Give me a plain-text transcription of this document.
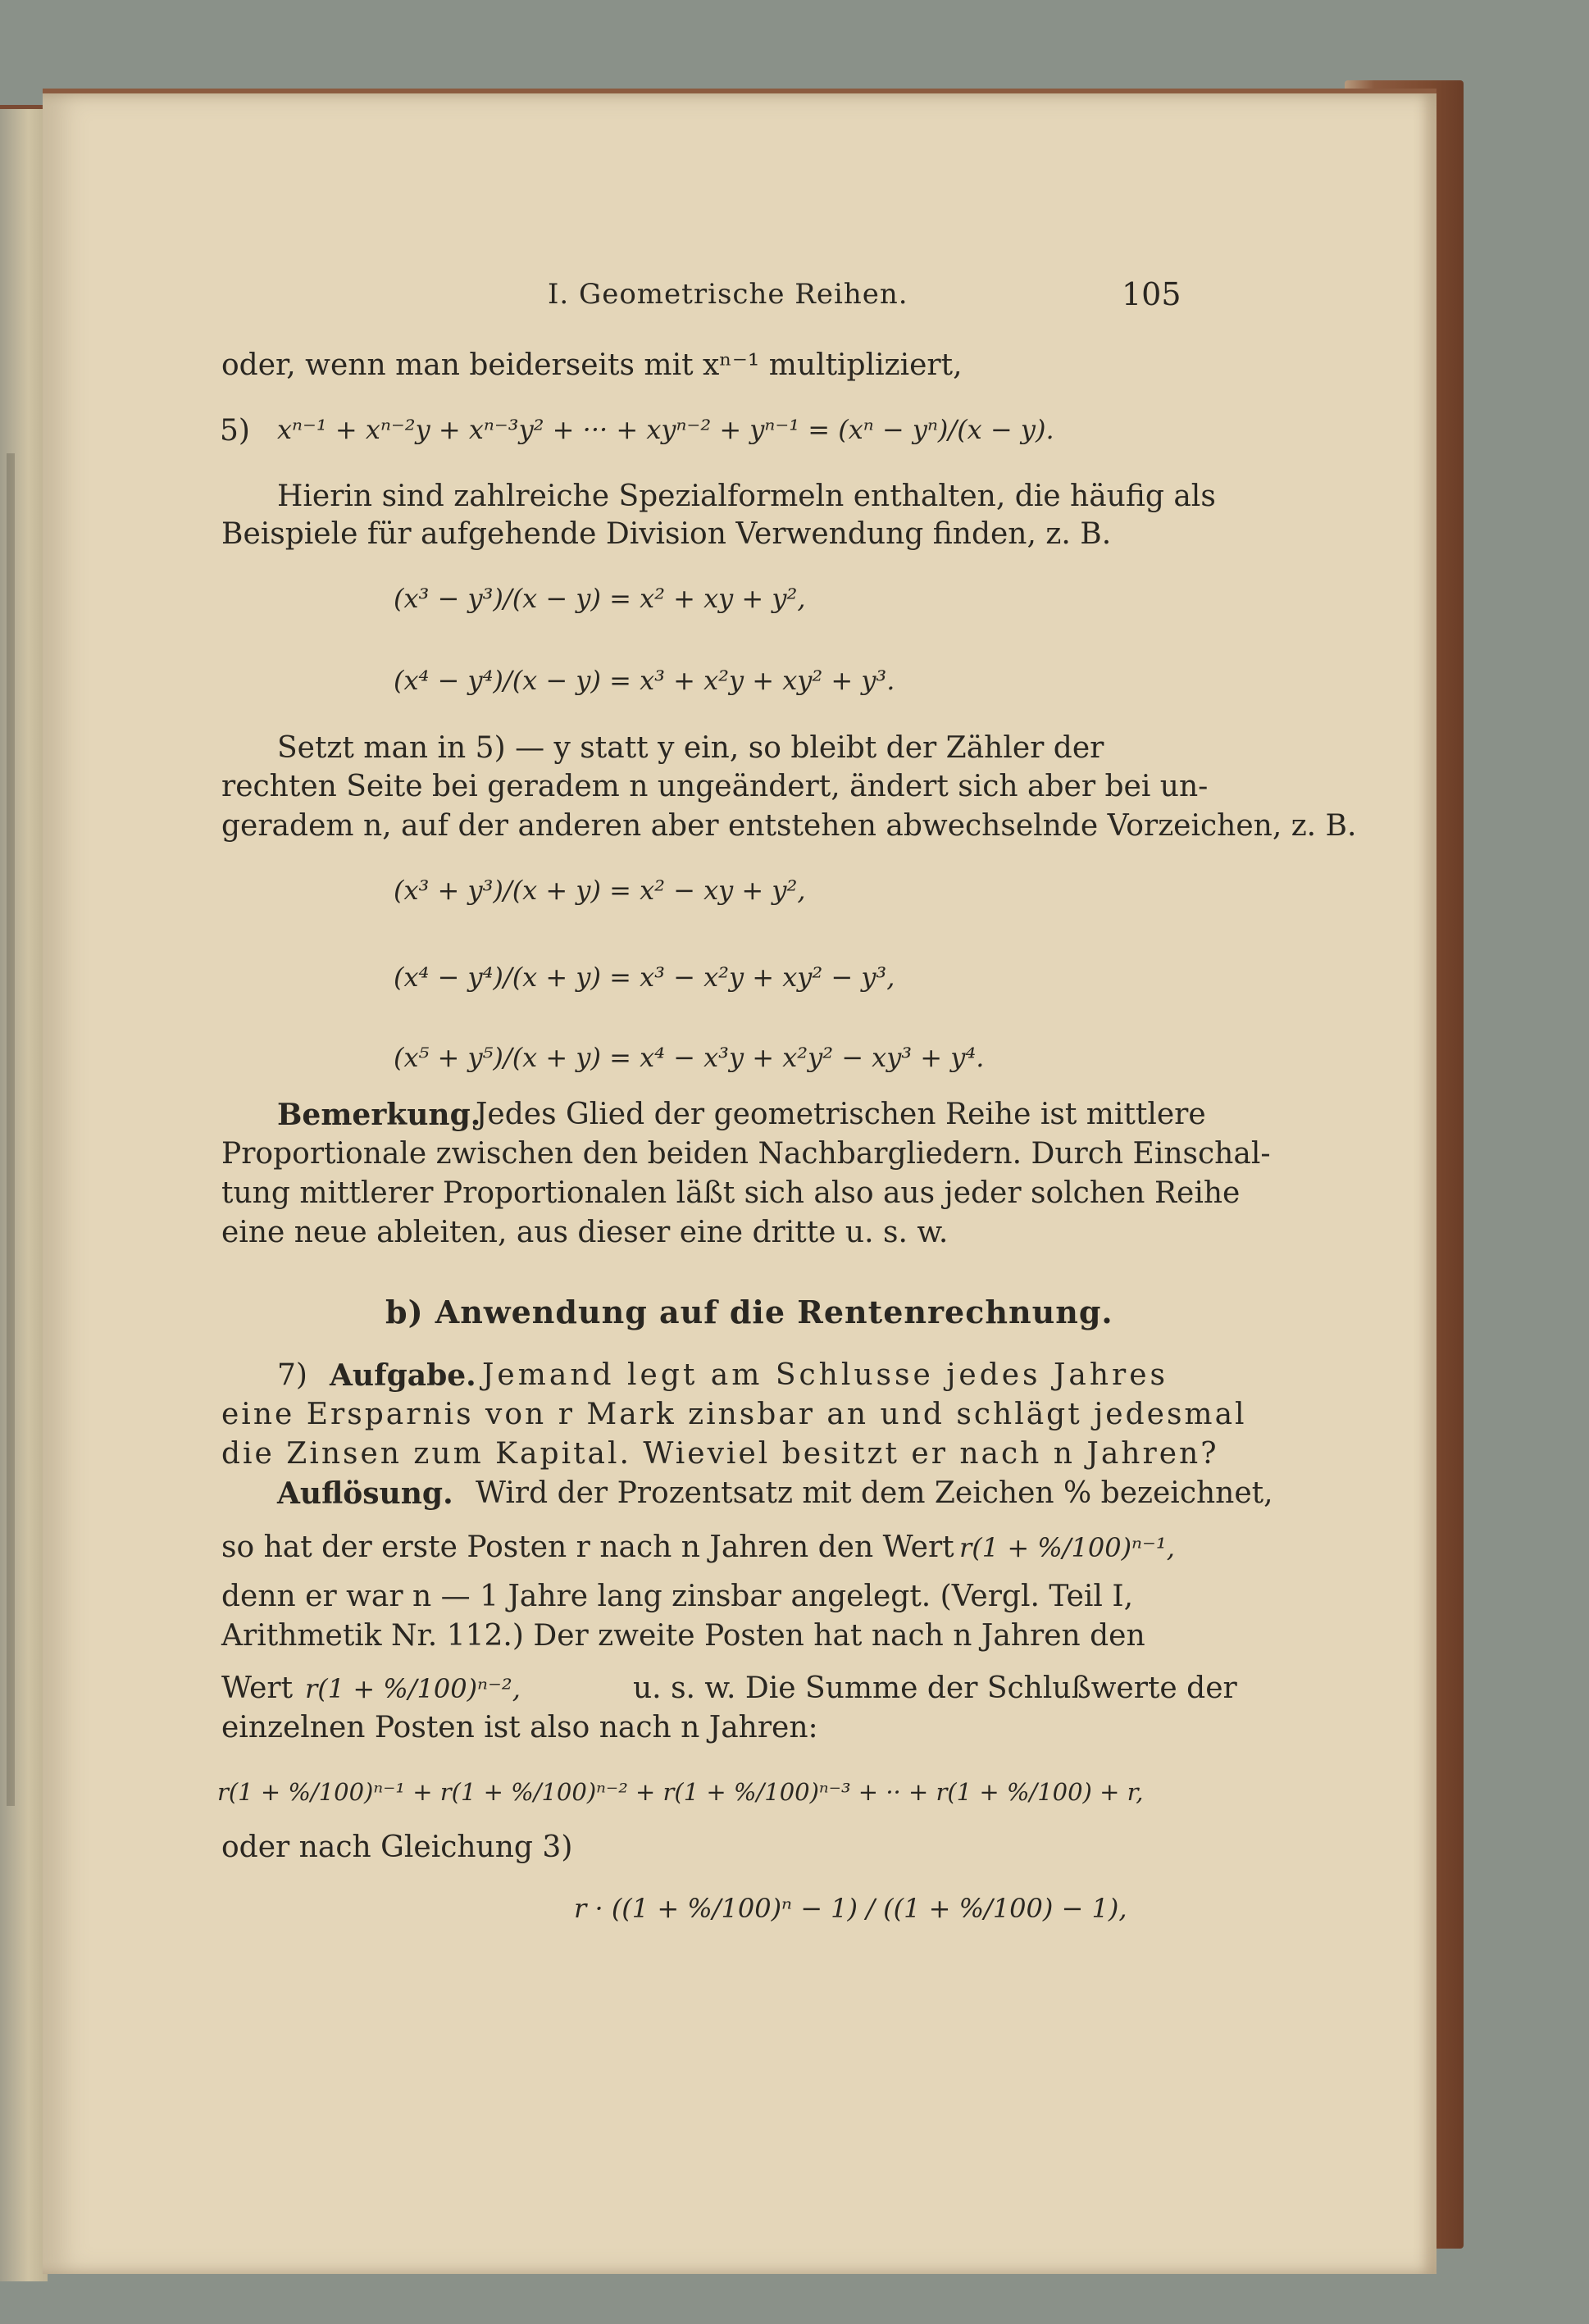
I. Geometrische Reihen.	105
oder, wenn man beiderseits mit xⁿ⁻¹ multipliziert,
5) xⁿ⁻¹ + xⁿ⁻²y + xⁿ⁻³y² + ··· + xyⁿ⁻² + yⁿ⁻¹ = (xⁿ − yⁿ)/(x − y).
Hierin sind zahlreiche Spezialformeln enthalten, die häufig als
Beispiele für aufgehende Division Verwendung finden, z. B.
(x³ − y³)/(x − y) = x² + xy + y²,
(x⁴ − y⁴)/(x − y) = x³ + x²y + xy² + y³.
Setzt man in 5) — y statt y ein, so bleibt der Zähler der
rechten Seite bei geradem n ungeändert, ändert sich aber bei un-
geradem n, auf der anderen aber entstehen abwechselnde Vorzeichen, z. B.
(x³ + y³)/(x + y) = x² − xy + y²,
(x⁴ − y⁴)/(x + y) = x³ − x²y + xy² − y³,
(x⁵ + y⁵)/(x + y) = x⁴ − x³y + x²y² − xy³ + y⁴.
Bemerkung.
Jedes Glied der geometrischen Reihe ist mittlere
Proportionale zwischen den beiden Nachbargliedern. Durch Einschal-
tung mittlerer Proportionalen läßt sich also aus jeder solchen Reihe
eine neue ableiten, aus dieser eine dritte u. s. w.
b) Anwendung auf die Rentenrechnung.
7) Aufgabe. Jemand legt am Schlusse jedes Jahres
eine Ersparnis von r Mark zinsbar an und schlägt jedesmal
die Zinsen zum Kapital. Wieviel besitzt er nach n Jahren?
Auflösung. Wird der Prozentsatz mit dem Zeichen % bezeichnet,
so hat der erste Posten r nach n Jahren den Wert r(1 + %/100)ⁿ⁻¹,
denn er war n — 1 Jahre lang zinsbar angelegt. (Vergl. Teil I,
Arithmetik Nr. 112.) Der zweite Posten hat nach n Jahren den
Wert r(1 + %/100)ⁿ⁻²,	u. s. w. Die Summe der Schlußwerte der
einzelnen Posten ist also nach n Jahren:
r(1 + %/100)ⁿ⁻¹ + r(1 + %/100)ⁿ⁻² + r(1 + %/100)ⁿ⁻³ + ·· + r(1 + %/100) + r,
oder nach Gleichung 3)
r · ((1 + %/100)ⁿ − 1) / ((1 + %/100) − 1),
